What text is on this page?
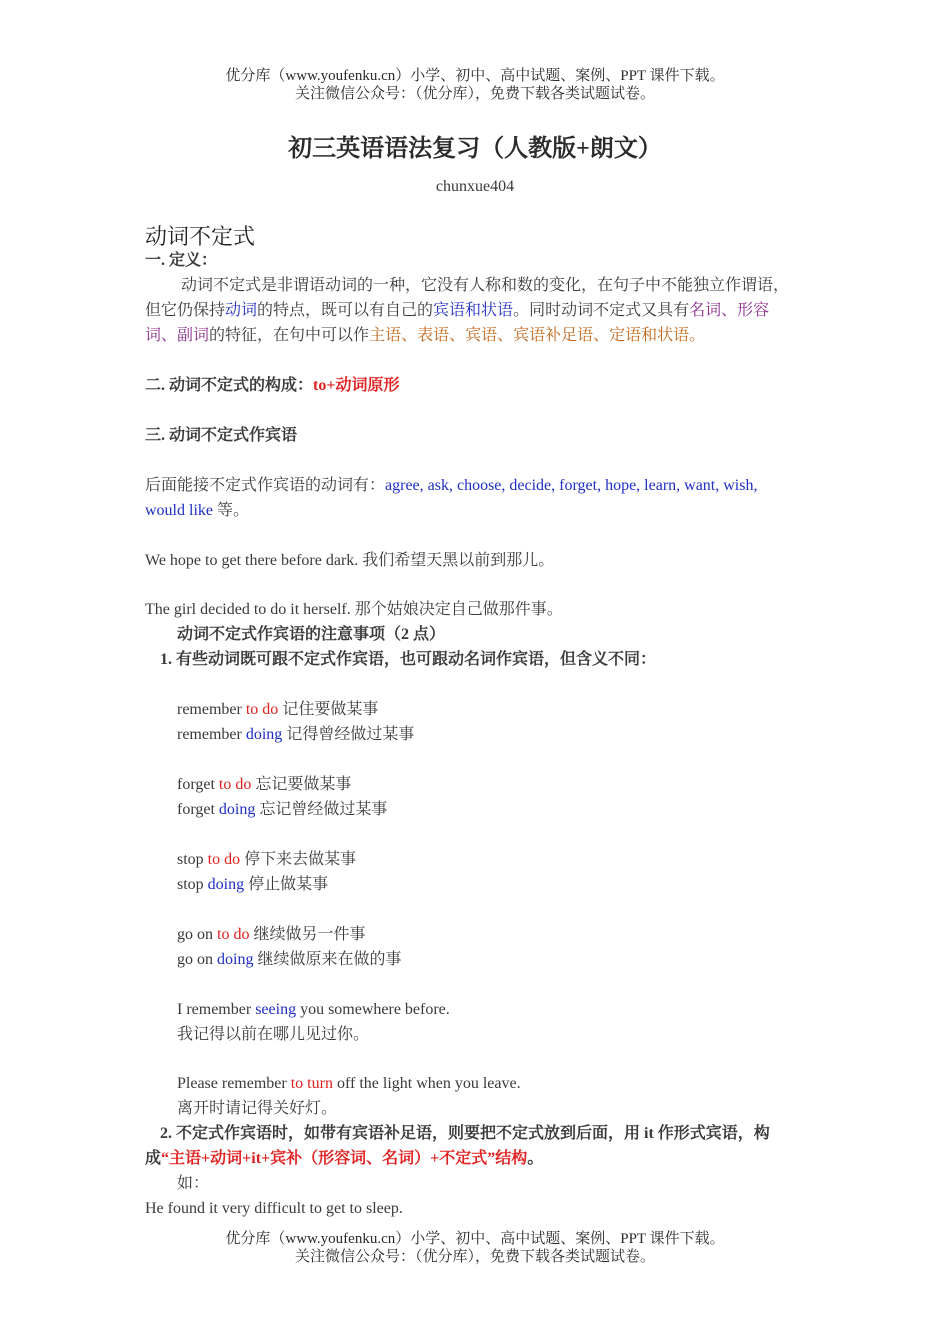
优分库（www.youfenku.cn）小学、初中、高中试题、案例、PPT 课件下载。
关注微信公众号：（优分库），免费下载各类试题试卷。
初三英语语法复习（人教版+朗文）
chunxue404
动词不定式
一. 定义：
动词不定式是非谓语动词的一种，它没有人称和数的变化，在句子中不能独立作谓语，
但它仍保持动词的特点，既可以有自己的宾语和状语。同时动词不定式又具有名词、形容
词、副词的特征，在句中可以作主语、表语、宾语、宾语补足语、定语和状语。
二. 动词不定式的构成：to+动词原形
三. 动词不定式作宾语
后面能接不定式作宾语的动词有：agree, ask, choose, decide, forget, hope, learn, want, wish,
would like 等。
We hope to get there before dark. 我们希望天黑以前到那儿。
The girl decided to do it herself. 那个姑娘决定自己做那件事。
动词不定式作宾语的注意事项（2 点）
1. 有些动词既可跟不定式作宾语，也可跟动名词作宾语，但含义不同：
remember to do 记住要做某事
remember doing 记得曾经做过某事
forget to do 忘记要做某事
forget doing 忘记曾经做过某事
stop to do 停下来去做某事
stop doing 停止做某事
go on to do 继续做另一件事
go on doing 继续做原来在做的事
I remember seeing you somewhere before.
我记得以前在哪儿见过你。
Please remember to turn off the light when you leave.
离开时请记得关好灯。
2. 不定式作宾语时，如带有宾语补足语，则要把不定式放到后面，用 it 作形式宾语，构
成“主语+动词+it+宾补（形容词、名词）+不定式”结构。
如：
He found it very difficult to get to sleep.
优分库（www.youfenku.cn）小学、初中、高中试题、案例、PPT 课件下载。
关注微信公众号：（优分库），免费下载各类试题试卷。
